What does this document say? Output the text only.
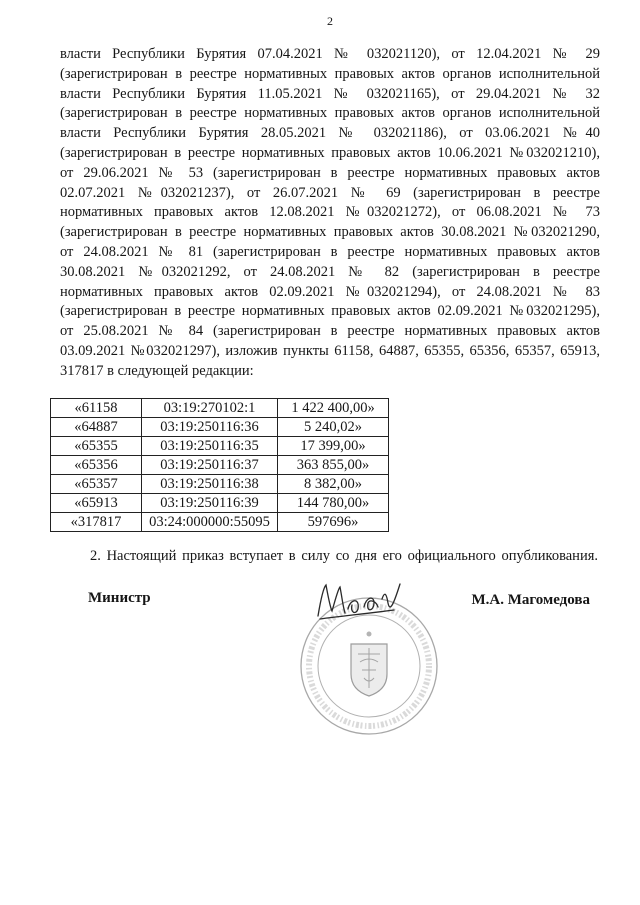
2
власти Республики Бурятия 07.04.2021 № 032021120), от 12.04.2021 № 29
(зарегистрирован в реестре нормативных правовых актов органов исполнительной
власти Республики Бурятия 11.05.2021 № 032021165), от 29.04.2021 № 32
(зарегистрирован в реестре нормативных правовых актов органов исполнительной
власти Республики Бурятия 28.05.2021 № 032021186), от 03.06.2021 №40
(зарегистрирован в реестре нормативных правовых актов 10.06.2021 №032021210),
от 29.06.2021 № 53 (зарегистрирован в реестре нормативных правовых актов
02.07.2021 №032021237), от 26.07.2021 № 69 (зарегистрирован в реестре
нормативных правовых актов 12.08.2021 №032021272), от 06.08.2021 № 73
(зарегистрирован в реестре нормативных правовых актов 30.08.2021 №032021290,
от 24.08.2021 № 81 (зарегистрирован в реестре нормативных правовых актов
30.08.2021 №032021292, от 24.08.2021 № 82 (зарегистрирован в реестре
нормативных правовых актов 02.09.2021 №032021294), от 24.08.2021 № 83
(зарегистрирован в реестре нормативных правовых актов 02.09.2021 №032021295),
от 25.08.2021 № 84 (зарегистрирован в реестре нормативных правовых актов
03.09.2021 №032021297), изложив пункты 61158, 64887, 65355, 65356, 65357, 65913,
317817 в следующей редакции:
«61158	03:19:270102:1	1 422 400,00»
«64887	03:19:250116:36	5 240,02»
«65355	03:19:250116:35	17 399,00»
«65356	03:19:250116:37	363 855,00»
«65357	03:19:250116:38	8 382,00»
«65913	03:19:250116:39	144 780,00»
«317817	03:24:000000:55095	597696»
2. Настоящий приказ вступает в силу со дня его официального опубликования.
Министр	М.А. Магомедова
